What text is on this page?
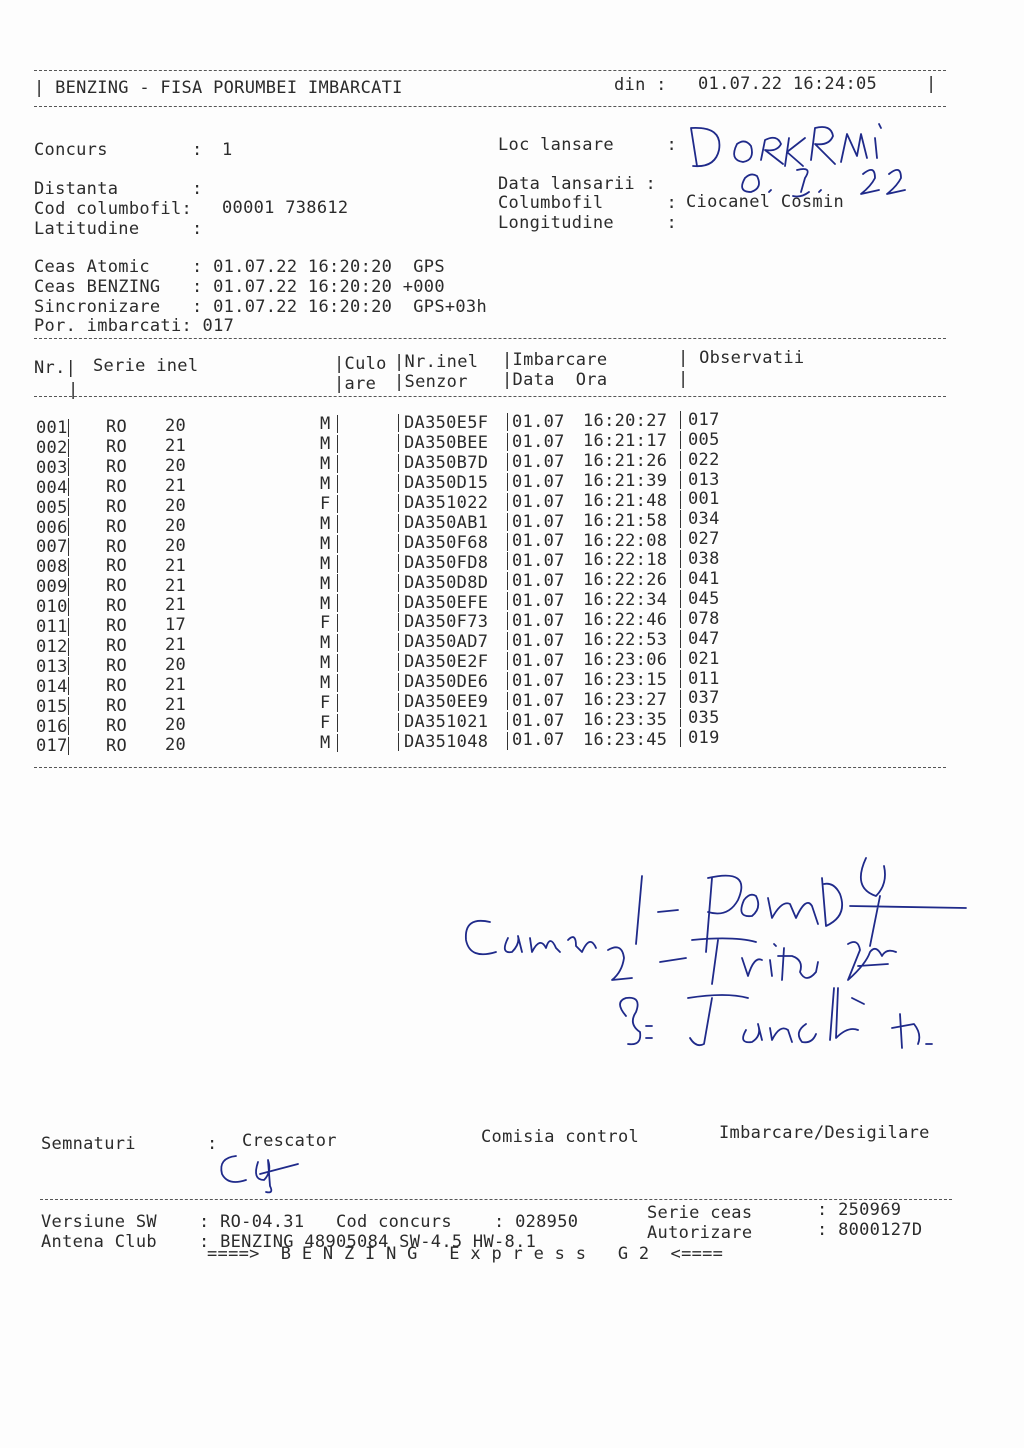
| BENZING - FISA PORUMBEI IMBARCATI	din : 01.07.22 16:24:05	|
Concurs        : 1
Distanta       :
Cod columbofil: 00001 738612
Latitudine     :
Loc lansare     :
Data lansarii :
Columbofil      : Ciocanel Cosmin
Longitudine     :
Ceas Atomic    : 01.07.22 16:20:20  GPS
Ceas BENZING   : 01.07.22 16:20:20 +000
Sincronizare   : 01.07.22 16:20:20  GPS+03h
Por. imbarcati: 017
Nr.|
|
Serie inel	|Culo
|are
|Nr.inel
|Senzor
|Imbarcare
|Data  Ora
| Observatii
|
001 RO 20	M	DA350E5F 01.07 16:20:27 017
002 RO 21	M	DA350BEE 01.07 16:21:17 005
003 RO 20	M	DA350B7D 01.07 16:21:26 022
004 RO 21	M	DA350D15 01.07 16:21:39 013
005 RO 20	F	DA351022 01.07 16:21:48 001
006 RO 20	M	DA350AB1 01.07 16:21:58 034
007 RO 20	M	DA350F68 01.07 16:22:08 027
008 RO 21	M	DA350FD8 01.07 16:22:18 038
009 RO 21	M	DA350D8D 01.07 16:22:26 041
010 RO 21	M	DA350EFE 01.07 16:22:34 045
011 RO 17	F	DA350F73 01.07 16:22:46 078
012 RO 21	M	DA350AD7 01.07 16:22:53 047
013 RO 20	M	DA350E2F 01.07 16:23:06 021
014 RO 21	M	DA350DE6 01.07 16:23:15 011
015 RO 21	F	DA350EE9 01.07 16:23:27 037
016 RO 20	F	DA351021 01.07 16:23:35 035
017 RO 20	M	DA351048 01.07 16:23:45 019
Semnaturi	: Crescator	Comisia control	Imbarcare/Desigilare
Versiune SW    : RO-04.31   Cod concurs    : 028950	Serie ceas	: 250969
Antena Club    : BENZING 48905084 SW-4.5 HW-8.1	Autorizare	: 8000127D
====>  B E N Z I N G   E x p r e s s   G 2  <====
